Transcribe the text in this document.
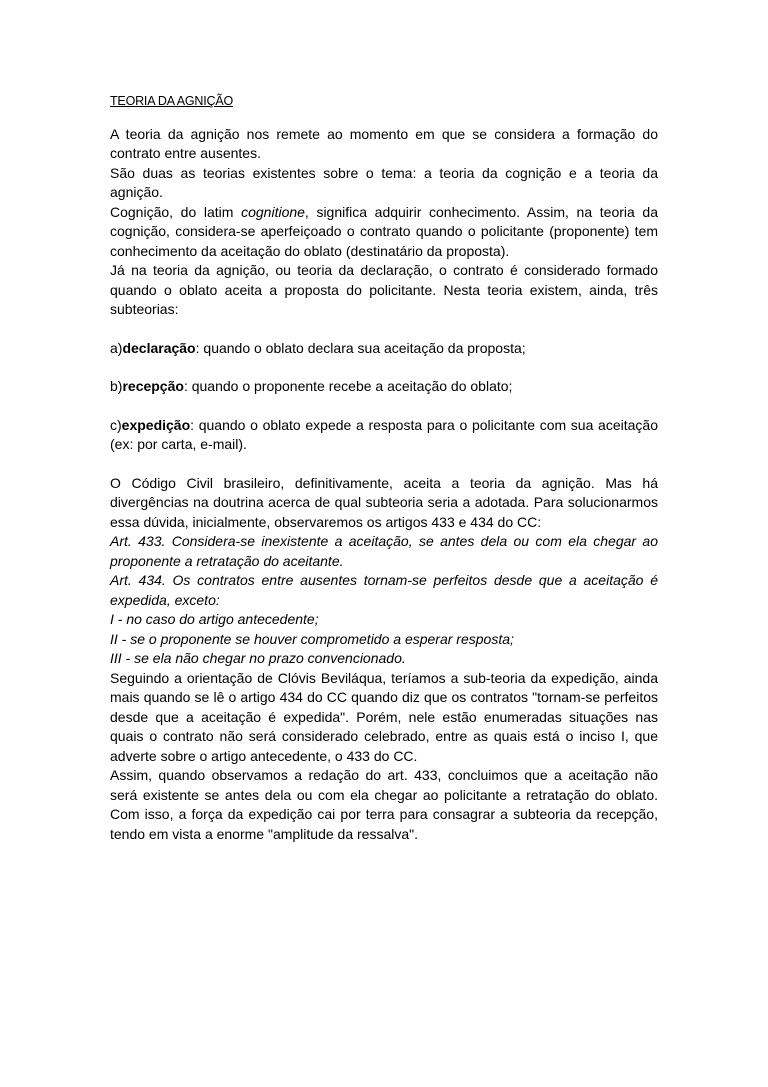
TEORIA DA AGNIÇÃO

A teoria da agnição nos remete ao momento em que se considera a formação do contrato entre ausentes.

São duas as teorias existentes sobre o tema: a teoria da cognição e a teoria da agnição.

Cognição, do latim cognitione, significa adquirir conhecimento. Assim, na teoria da cognição, considera-se aperfeiçoado o contrato quando o policitante (proponente) tem conhecimento da aceitação do oblato (destinatário da proposta).

Já na teoria da agnição, ou teoria da declaração, o contrato é considerado formado quando o oblato aceita a proposta do policitante. Nesta teoria existem, ainda, três subteorias:

a)declaração: quando o oblato declara sua aceitação da proposta;

b)recepção: quando o proponente recebe a aceitação do oblato;

c)expedição: quando o oblato expede a resposta para o policitante com sua aceitação (ex: por carta, e-mail).

O Código Civil brasileiro, definitivamente, aceita a teoria da agnição. Mas há divergências na doutrina acerca de qual subteoria seria a adotada. Para solucionarmos essa dúvida, inicialmente, observaremos os artigos 433 e 434 do CC:

Art. 433. Considera-se inexistente a aceitação, se antes dela ou com ela chegar ao proponente a retratação do aceitante.

Art. 434. Os contratos entre ausentes tornam-se perfeitos desde que a aceitação é expedida, exceto:

I - no caso do artigo antecedente;

II - se o proponente se houver comprometido a esperar resposta;

III - se ela não chegar no prazo convencionado.

Seguindo a orientação de Clóvis Beviláqua, teríamos a sub-teoria da expedição, ainda mais quando se lê o artigo 434 do CC quando diz que os contratos "tornam-se perfeitos desde que a aceitação é expedida". Porém, nele estão enumeradas situações nas quais o contrato não será considerado celebrado, entre as quais está o inciso I, que adverte sobre o artigo antecedente, o 433 do CC.

Assim, quando observamos a redação do art. 433, concluimos que a aceitação não será existente se antes dela ou com ela chegar ao policitante a retratação do oblato. Com isso, a força da expedição cai por terra para consagrar a subteoria da recepção, tendo em vista a enorme "amplitude da ressalva".
